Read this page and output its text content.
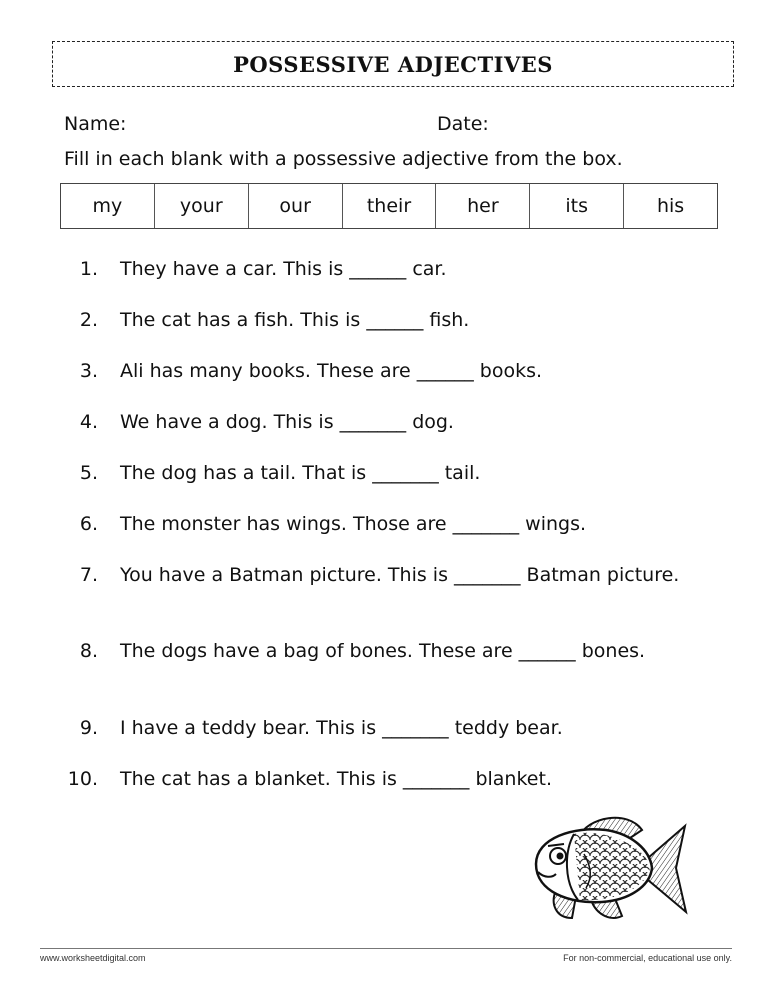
POSSESSIVE ADJECTIVES
Name:	Date:
Fill in each blank with a possessive adjective from the box.
my	your	our	their	her	its	his
1. They have a car. This is ______ car.
2. The cat has a fish. This is ______ fish.
3. Ali has many books. These are ______ books.
4. We have a dog. This is _______ dog.
5. The dog has a tail. That is _______ tail.
6. The monster has wings. Those are _______ wings.
7. You have a Batman picture. This is _______ Batman picture.
8. The dogs have a bag of bones. These are ______ bones.
9. I have a teddy bear. This is _______ teddy bear.
10. The cat has a blanket. This is _______ blanket.
www.worksheetdigital.com	For non-commercial, educational use only.
